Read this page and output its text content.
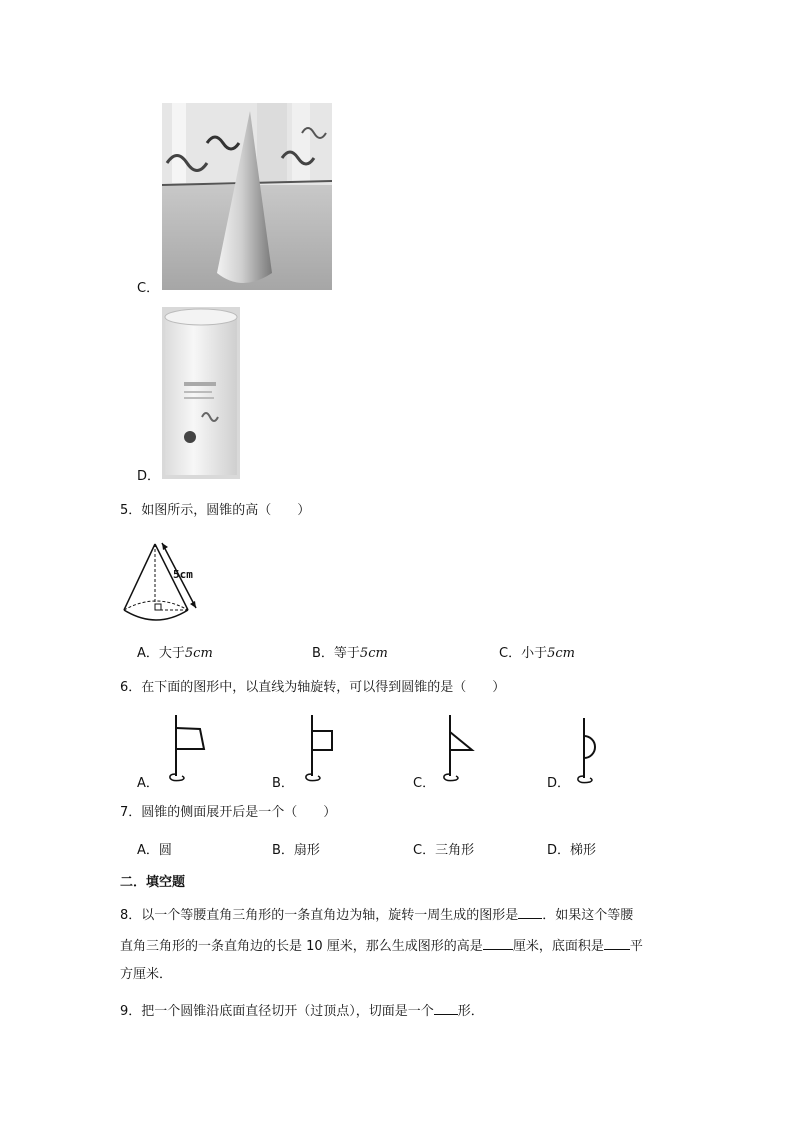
C．
D．
5．如图所示，圆锥的高（　　）
5cm
A．大于5cm	B．等于5cm	C．小于5cm
6．在下面的图形中，以直线为轴旋转，可以得到圆锥的是（　　）
A．	B．	C．	D．
7．圆锥的侧面展开后是一个（　　）
A．圆	B．扇形	C．三角形	D．梯形
二．填空题
8．以一个等腰直角三角形的一条直角边为轴，旋转一周生成的图形是 ．如果这个等腰
直角三角形的一条直角边的长是 10 厘米，那么生成图形的高是 厘米，底面积是 平
方厘米．
9．把一个圆锥沿底面直径切开（过顶点），切面是一个 形．
